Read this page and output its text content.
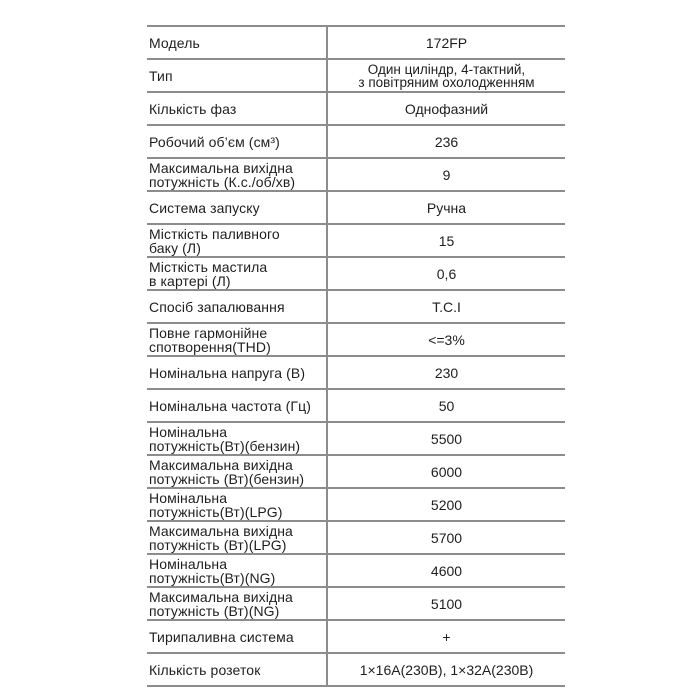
Модель	172FP
Тип	Один циліндр, 4-тактний,
з повітряним охолодженням
Кількість фаз	Однофазний
Робочий об’єм (см³)	236
Максимальна вихідна
потужність (К.с./об/хв)	9
Система запуску	Ручна
Місткість паливного
баку (Л)	15
Місткість мастила
в картері (Л)	0,6
Спосіб запалювання	T.C.I
Повне гармонійне
спотворення(THD)	<=3%
Номінальна напруга (В)	230
Номінальна частота (Гц)	50
Номінальна
потужність(Вт)(бензин)	5500
Максимальна вихідна
потужність (Вт)(бензин)	6000
Номінальна
потужність(Вт)(LPG)	5200
Максимальна вихідна
потужність (Вт)(LPG)	5700
Номінальна
потужність(Вт)(NG)	4600
Максимальна вихідна
потужність (Вт)(NG)	5100
Тирипаливна система	+
Кількість розеток	1×16А(230В), 1×32А(230В)
